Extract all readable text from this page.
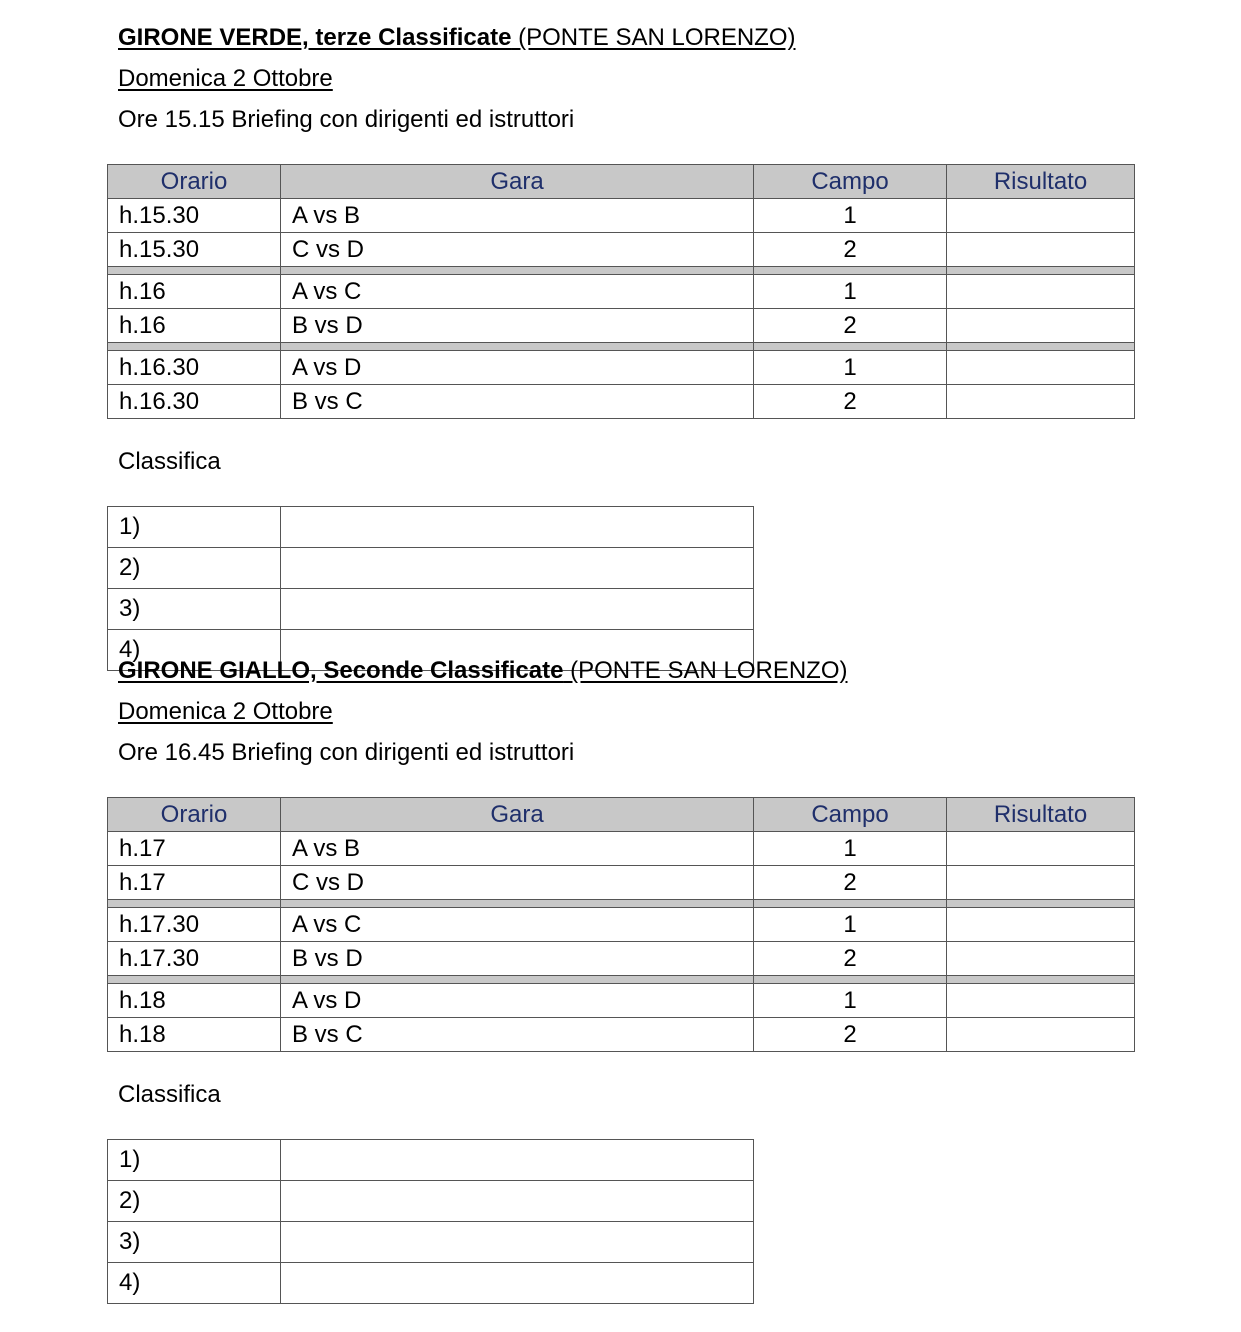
GIRONE VERDE, terze Classificate (PONTE SAN LORENZO)
Domenica 2 Ottobre
Ore 15.15 Briefing con dirigenti ed istruttori
Orario	Gara	Campo	Risultato
h.15.30	A vs B	1	
h.15.30	C vs D	2	

h.16	A vs C	1	
h.16	B vs D	2	

h.16.30	A vs D	1	
h.16.30	B vs C	2	
Classifica
1)	
2)	
3)	
4)	
GIRONE GIALLO, Seconde Classificate (PONTE SAN LORENZO)
Domenica 2 Ottobre
Ore 16.45 Briefing con dirigenti ed istruttori
Orario	Gara	Campo	Risultato
h.17	A vs B	1	
h.17	C vs D	2	

h.17.30	A vs C	1	
h.17.30	B vs D	2	

h.18	A vs D	1	
h.18	B vs C	2	
Classifica
1)	
2)	
3)	
4)	
